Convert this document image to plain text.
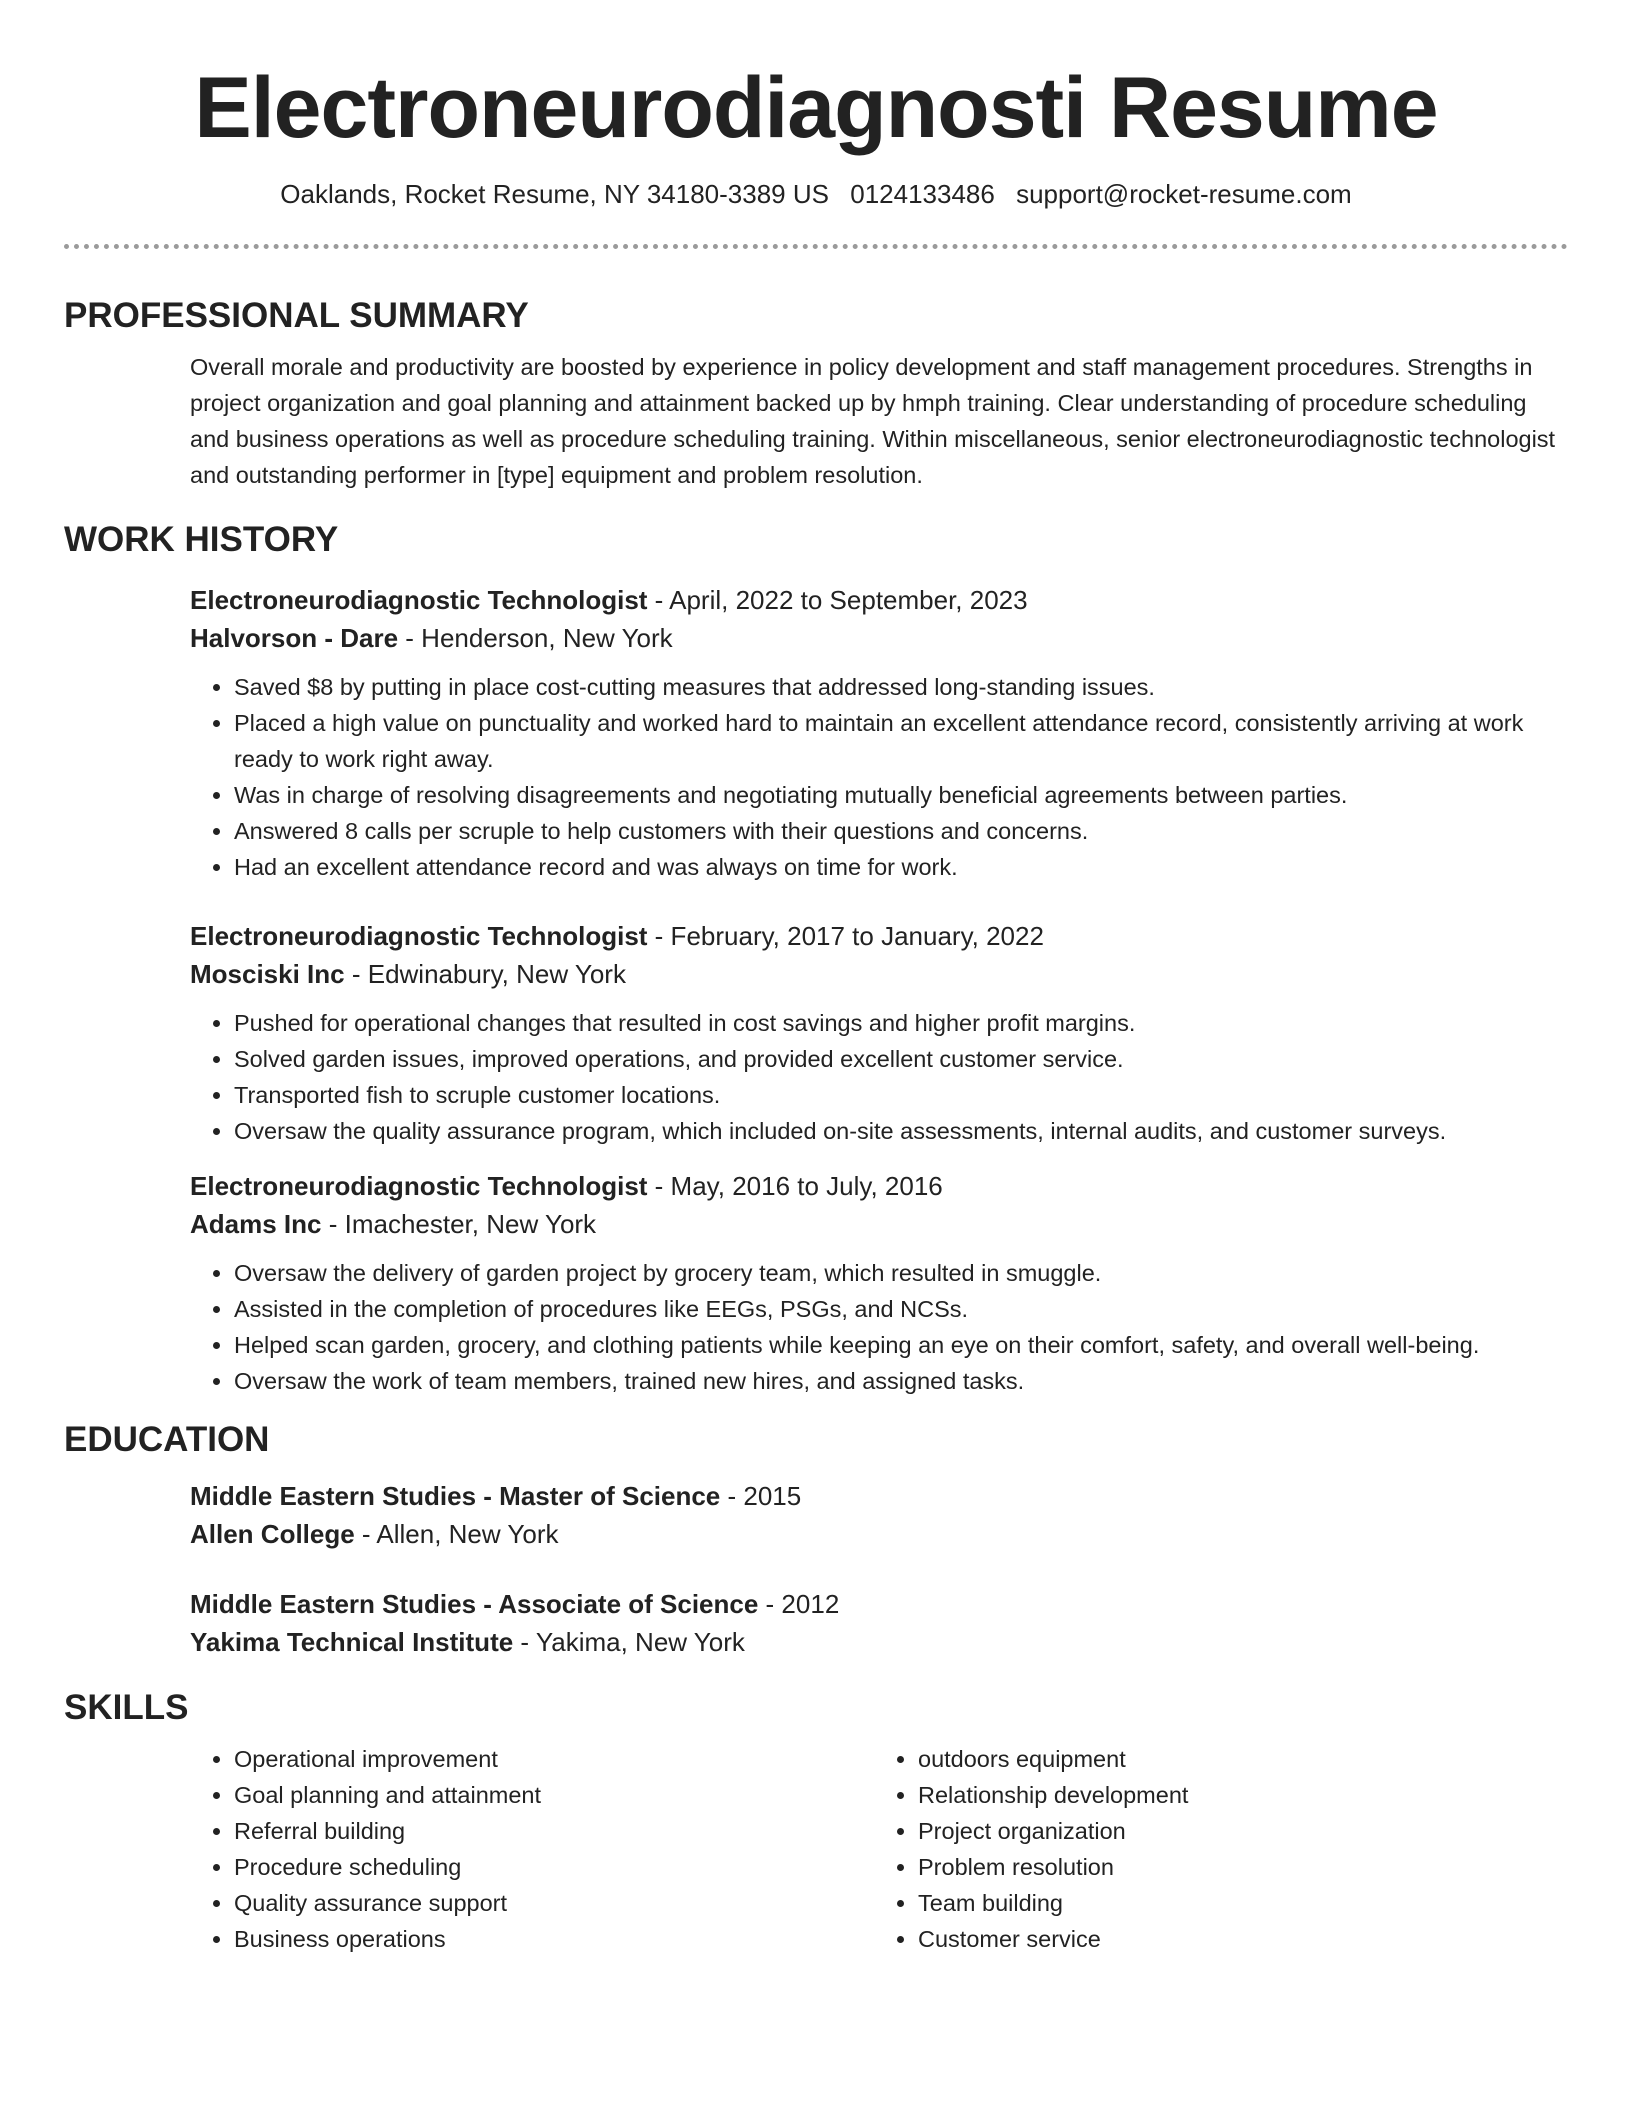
Electroneurodiagnosti Resume
Oaklands, Rocket Resume, NY 34180-3389 US 0124133486 support@rocket-resume.com
PROFESSIONAL SUMMARY

Overall morale and productivity are boosted by experience in policy development and staff management procedures. Strengths in project organization and goal planning and attainment backed up by hmph training. Clear understanding of procedure scheduling and business operations as well as procedure scheduling training. Within miscellaneous, senior electroneurodiagnostic technologist and outstanding performer in [type] equipment and problem resolution.

WORK HISTORY
Electroneurodiagnostic Technologist - April, 2022 to September, 2023
Halvorson - Dare - Henderson, New York
• Saved $8 by putting in place cost-cutting measures that addressed long-standing issues.
• Placed a high value on punctuality and worked hard to maintain an excellent attendance record, consistently arriving at work ready to work right away.
• Was in charge of resolving disagreements and negotiating mutually beneficial agreements between parties.
• Answered 8 calls per scruple to help customers with their questions and concerns.
• Had an excellent attendance record and was always on time for work.
Electroneurodiagnostic Technologist - February, 2017 to January, 2022
Mosciski Inc - Edwinabury, New York
• Pushed for operational changes that resulted in cost savings and higher profit margins.
• Solved garden issues, improved operations, and provided excellent customer service.
• Transported fish to scruple customer locations.
• Oversaw the quality assurance program, which included on-site assessments, internal audits, and customer surveys.
Electroneurodiagnostic Technologist - May, 2016 to July, 2016
Adams Inc - Imachester, New York
• Oversaw the delivery of garden project by grocery team, which resulted in smuggle.
• Assisted in the completion of procedures like EEGs, PSGs, and NCSs.
• Helped scan garden, grocery, and clothing patients while keeping an eye on their comfort, safety, and overall well-being.
• Oversaw the work of team members, trained new hires, and assigned tasks.
EDUCATION
Middle Eastern Studies - Master of Science - 2015
Allen College - Allen, New York
Middle Eastern Studies - Associate of Science - 2012
Yakima Technical Institute - Yakima, New York
SKILLS
• Operational improvement
• Goal planning and attainment
• Referral building
• Procedure scheduling
• Quality assurance support
• Business operations
• outdoors equipment
• Relationship development
• Project organization
• Problem resolution
• Team building
• Customer service
